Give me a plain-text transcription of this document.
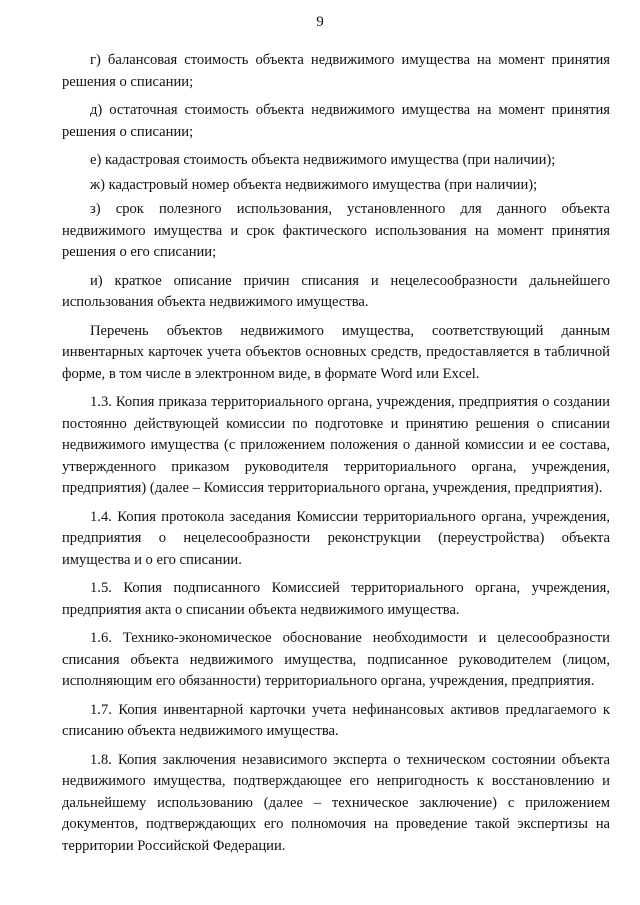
9

г) балансовая стоимость объекта недвижимого имущества на момент принятия решения о списании;

д) остаточная стоимость объекта недвижимого имущества на момент принятия решения о списании;

е) кадастровая стоимость объекта недвижимого имущества (при наличии);

ж) кадастровый номер объекта недвижимого имущества (при наличии);

з) срок полезного использования, установленного для данного объекта недвижимого имущества и срок фактического использования на момент принятия решения о его списании;

и) краткое описание причин списания и нецелесообразности дальнейшего использования объекта недвижимого имущества.

Перечень объектов недвижимого имущества, соответствующий данным инвентарных карточек учета объектов основных средств, предоставляется в табличной форме, в том числе в электронном виде, в формате Word или Excel.

1.3. Копия приказа территориального органа, учреждения, предприятия о создании постоянно действующей комиссии по подготовке и принятию решения о списании недвижимого имущества (с приложением положения о данной комиссии и ее состава, утвержденного приказом руководителя территориального органа, учреждения, предприятия) (далее – Комиссия территориального органа, учреждения, предприятия).

1.4. Копия протокола заседания Комиссии территориального органа, учреждения, предприятия о нецелесообразности реконструкции (переустройства) объекта имущества и о его списании.

1.5. Копия подписанного Комиссией территориального органа, учреждения, предприятия акта о списании объекта недвижимого имущества.

1.6. Технико-экономическое обоснование необходимости и целесообразности списания объекта недвижимого имущества, подписанное руководителем (лицом, исполняющим его обязанности) территориального органа, учреждения, предприятия.

1.7. Копия инвентарной карточки учета нефинансовых активов предлагаемого к списанию объекта недвижимого имущества.

1.8. Копия заключения независимого эксперта о техническом состоянии объекта недвижимого имущества, подтверждающее его непригодность к восстановлению и дальнейшему использованию (далее – техническое заключение) с приложением документов, подтверждающих его полномочия на проведение такой экспертизы на территории Российской Федерации.
